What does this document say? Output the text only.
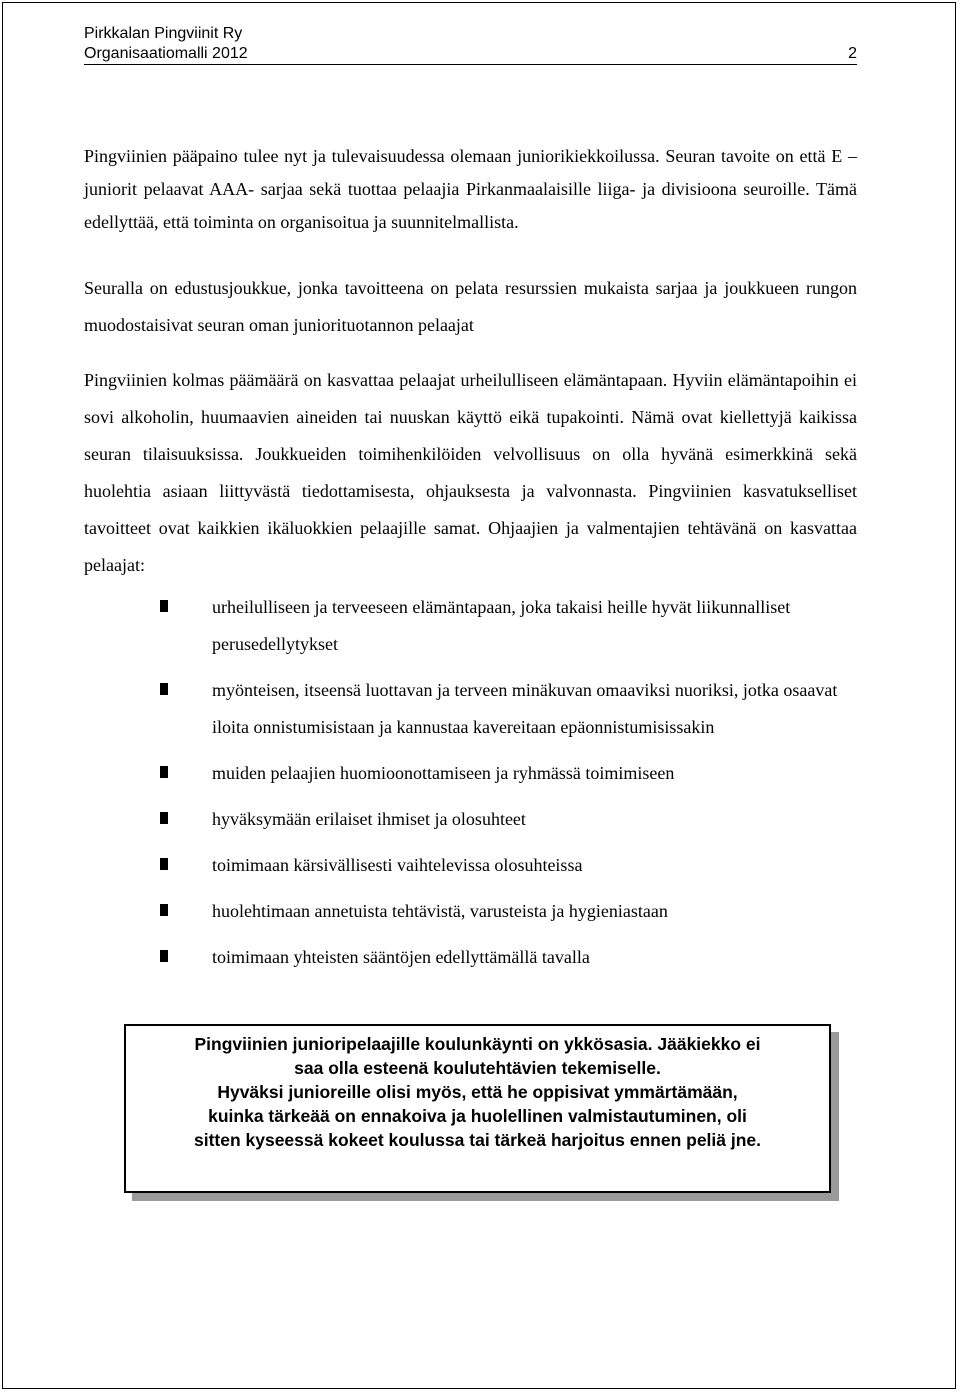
Pirkkalan Pingviinit Ry
Organisaatiomalli 2012	2

Pingviinien pääpaino tulee nyt ja tulevaisuudessa olemaan juniorikiekkoilussa. Seuran tavoite on että E – juniorit pelaavat AAA- sarjaa sekä tuottaa pelaajia Pirkanmaalaisille liiga- ja divisioona seuroille. Tämä edellyttää, että toiminta on organisoitua ja suunnitelmallista.

Seuralla on edustusjoukkue, jonka tavoitteena on pelata resurssien mukaista sarjaa ja joukkueen rungon muodostaisivat seuran oman juniorituotannon pelaajat

Pingviinien kolmas päämäärä on kasvattaa pelaajat urheilulliseen elämäntapaan. Hyviin elämäntapoihin ei sovi alkoholin, huumaavien aineiden tai nuuskan käyttö eikä tupakointi. Nämä ovat kiellettyjä kaikissa seuran tilaisuuksissa. Joukkueiden toimihenkilöiden velvollisuus on olla hyvänä esimerkkinä sekä huolehtia asiaan liittyvästä tiedottamisesta, ohjauksesta ja valvonnasta. Pingviinien kasvatukselliset tavoitteet ovat kaikkien ikäluokkien pelaajille samat. Ohjaajien ja valmentajien tehtävänä on kasvattaa pelaajat:

urheilulliseen ja terveeseen elämäntapaan, joka takaisi heille hyvät liikunnalliset perusedellytykset
myönteisen, itseensä luottavan ja terveen minäkuvan omaaviksi nuoriksi, jotka osaavat iloita onnistumisistaan ja kannustaa kavereitaan epäonnistumisissakin
muiden pelaajien huomioonottamiseen ja ryhmässä toimimiseen
hyväksymään erilaiset ihmiset ja olosuhteet
toimimaan kärsivällisesti vaihtelevissa olosuhteissa
huolehtimaan annetuista tehtävistä, varusteista ja hygieniastaan
toimimaan yhteisten sääntöjen edellyttämällä tavalla
Pingviinien junioripelaajille koulunkäynti on ykkösasia. Jääkiekko ei
saa olla esteenä koulutehtävien tekemiselle.
Hyväksi junioreille olisi myös, että he oppisivat ymmärtämään,
kuinka tärkeää on ennakoiva ja huolellinen valmistautuminen, oli
sitten kyseessä kokeet koulussa tai tärkeä harjoitus ennen peliä jne.
